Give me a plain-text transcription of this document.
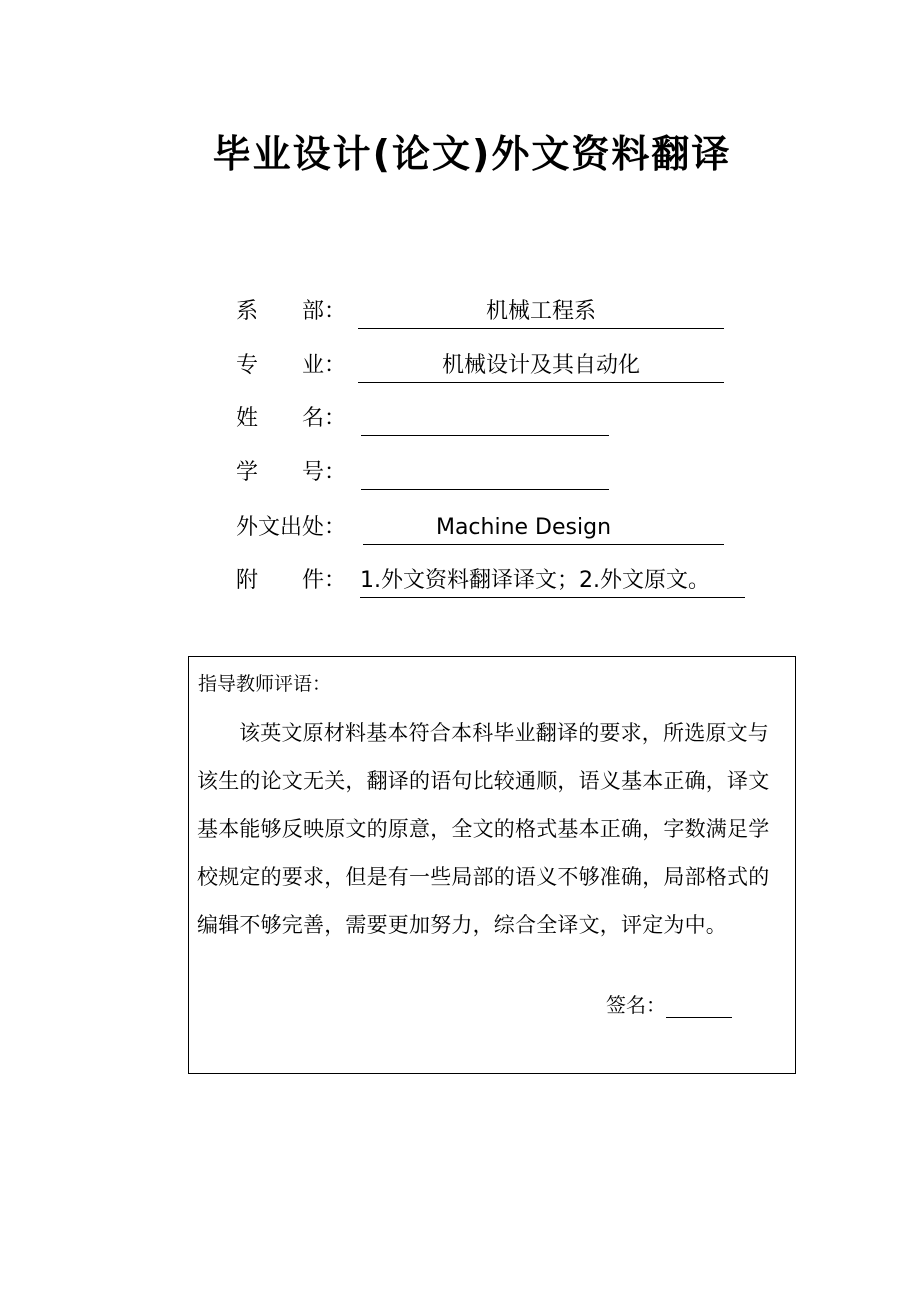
毕业设计(论文)外文资料翻译
系　　部：	机械工程系
专　　业：	机械设计及其自动化
姓　　名：
学　　号：
外文出处：	Machine Design
附　　件： 1.外文资料翻译译文；2.外文原文。
指导教师评语：

该英文原材料基本符合本科毕业翻译的要求，所选原文与该生的论文无关，翻译的语句比较通顺，语义基本正确，译文基本能够反映原文的原意，全文的格式基本正确，字数满足学校规定的要求，但是有一些局部的语义不够准确，局部格式的编辑不够完善，需要更加努力，综合全译文，评定为中。

签名：
